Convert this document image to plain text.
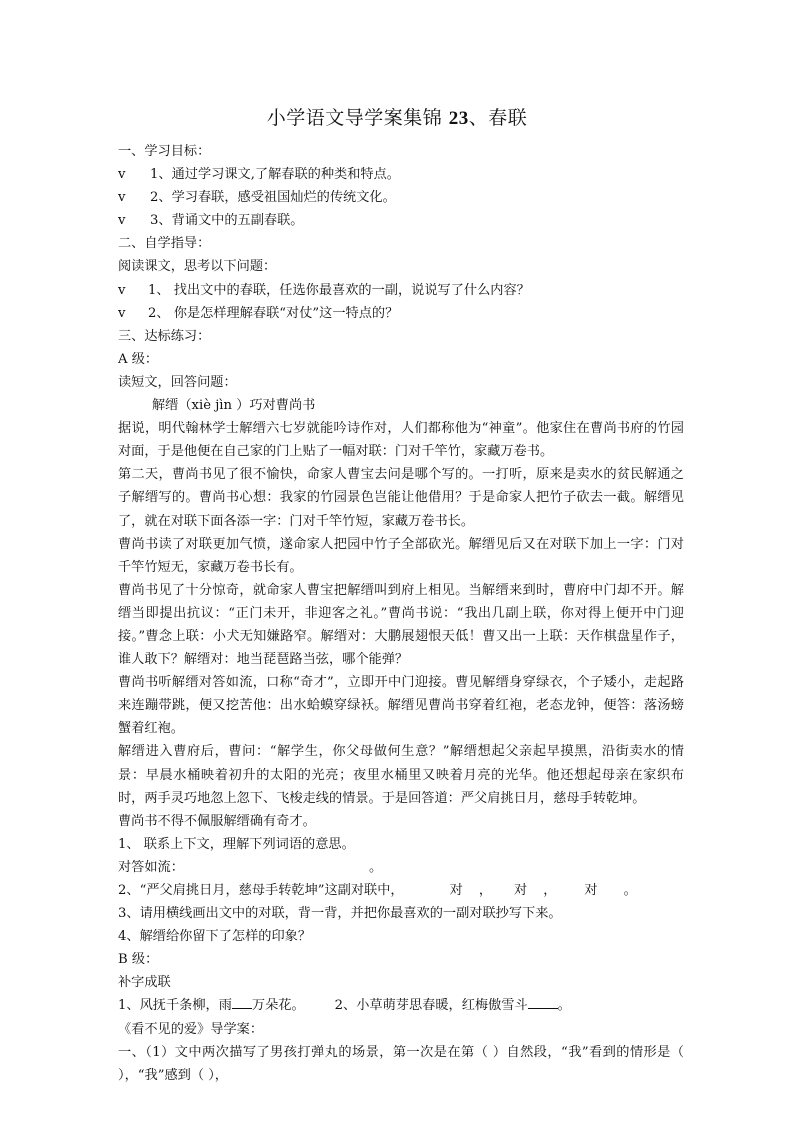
小学语文导学案集锦 23、春联

一、学习目标：

v 1、通过学习课文,了解春联的种类和特点。

v 2、学习春联，感受祖国灿烂的传统文化。

v 3、背诵文中的五副春联。

二、自学指导：

阅读课文，思考以下问题：

v 1、 找出文中的春联，任选你最喜欢的一副，说说写了什么内容？

v 2、 你是怎样理解春联“对仗”这一特点的？

三、达标练习：

A 级：

读短文，回答问题：

解缙（xiè jìn ）巧对曹尚书

据说，明代翰林学士解缙六七岁就能吟诗作对，人们都称他为“神童”。他家住在曹尚书府的竹园对面，于是他便在自己家的门上贴了一幅对联：门对千竿竹，家藏万卷书。

第二天，曹尚书见了很不愉快，命家人曹宝去问是哪个写的。一打听，原来是卖水的贫民解通之子解缙写的。曹尚书心想：我家的竹园景色岂能让他借用？于是命家人把竹子砍去一截。解缙见了，就在对联下面各添一字：门对千竿竹短，家藏万卷书长。

曹尚书读了对联更加气愤，遂命家人把园中竹子全部砍光。解缙见后又在对联下加上一字：门对千竿竹短无，家藏万卷书长有。

曹尚书见了十分惊奇，就命家人曹宝把解缙叫到府上相见。当解缙来到时，曹府中门却不开。解缙当即提出抗议：“正门未开，非迎客之礼。”曹尚书说：“我出几副上联，你对得上便开中门迎接。”曹念上联：小犬无知嫌路窄。解缙对：大鹏展翅恨天低！曹又出一上联：天作棋盘星作子，谁人敢下？解缙对：地当琵琶路当弦，哪个能弹？

曹尚书听解缙对答如流，口称“奇才”，立即开中门迎接。曹见解缙身穿绿衣，个子矮小，走起路来连蹦带跳，便又挖苦他：出水蛤蟆穿绿袄。解缙见曹尚书穿着红袍，老态龙钟，便答：落汤螃蟹着红袍。

解缙进入曹府后，曹问：“解学生，你父母做何生意？”解缙想起父亲起早摸黑，沿街卖水的情景：早晨水桶映着初升的太阳的光亮；夜里水桶里又映着月亮的光华。他还想起母亲在家织布时，两手灵巧地忽上忽下、飞梭走线的情景。于是回答道：严父肩挑日月，慈母手转乾坤。

曹尚书不得不佩服解缙确有奇才。

1、 联系上下文，理解下列词语的意思。

对答如流：	。

2、“严父肩挑日月，慈母手转乾坤”这副对联中，	对 ， 对 ， 对 。

3、请用横线画出文中的对联，背一背，并把你最喜欢的一副对联抄写下来。

4、解缙给你留下了怎样的印象？

B 级：

补字成联

1、风抚千条柳，雨 万朵花。 2、小草萌芽思春暖，红梅傲雪斗 。

《看不见的爱》导学案：

一、（1）文中两次描写了男孩打弹丸的场景，第一次是在第（ ）自然段，“我”看到的情形是（ ），“我”感到（ ），
